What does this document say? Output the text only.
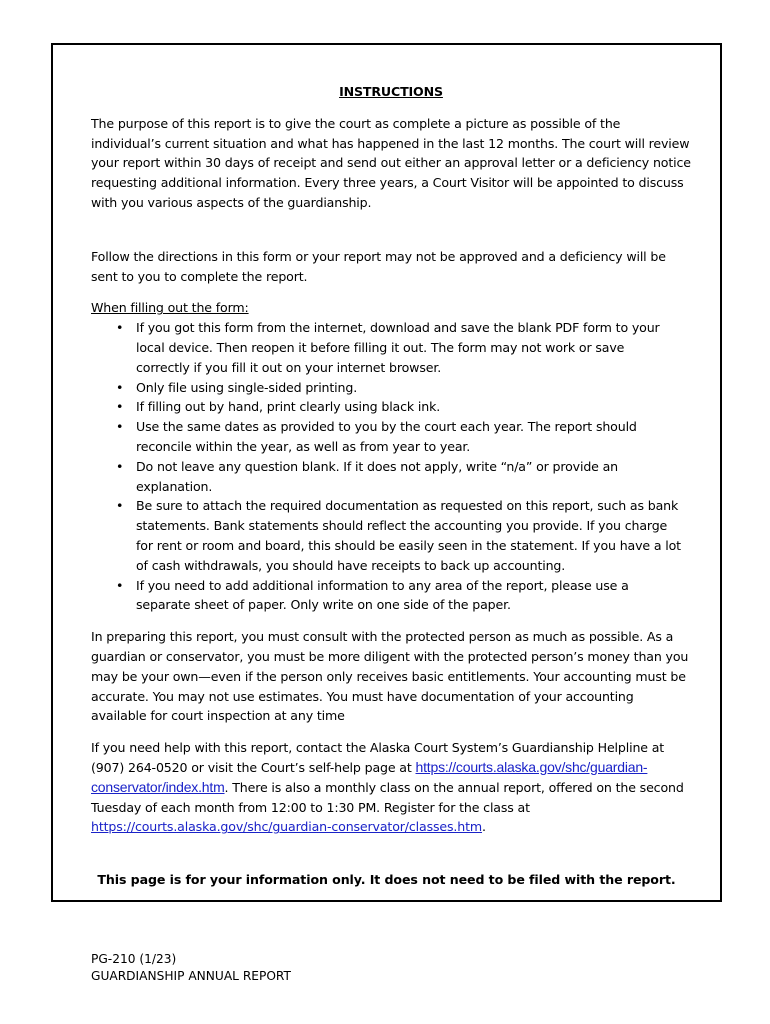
INSTRUCTIONS

The purpose of this report is to give the court as complete a picture as possible of the individual’s current situation and what has happened in the last 12 months. The court will review your report within 30 days of receipt and send out either an approval letter or a deficiency notice requesting additional information. Every three years, a Court Visitor will be appointed to discuss with you various aspects of the guardianship.

Follow the directions in this form or your report may not be approved and a deficiency will be sent to you to complete the report.

When filling out the form:

• If you got this form from the internet, download and save the blank PDF form to your local device. Then reopen it before filling it out. The form may not work or save correctly if you fill it out on your internet browser.
• Only file using single-sided printing.
• If filling out by hand, print clearly using black ink.
• Use the same dates as provided to you by the court each year. The report should reconcile within the year, as well as from year to year.
• Do not leave any question blank. If it does not apply, write “n/a” or provide an explanation.
• Be sure to attach the required documentation as requested on this report, such as bank statements. Bank statements should reflect the accounting you provide. If you charge for rent or room and board, this should be easily seen in the statement. If you have a lot of cash withdrawals, you should have receipts to back up accounting.
• If you need to add additional information to any area of the report, please use a separate sheet of paper. Only write on one side of the paper.

In preparing this report, you must consult with the protected person as much as possible. As a guardian or conservator, you must be more diligent with the protected person’s money than you may be your own—even if the person only receives basic entitlements. Your accounting must be accurate. You may not use estimates. You must have documentation of your accounting available for court inspection at any time

If you need help with this report, contact the Alaska Court System’s Guardianship Helpline at (907) 264-0520 or visit the Court’s self-help page at https://courts.alaska.gov/shc/guardian-conservator/index.htm. There is also a monthly class on the annual report, offered on the second Tuesday of each month from 12:00 to 1:30 PM. Register for the class at https://courts.alaska.gov/shc/guardian-conservator/classes.htm.

This page is for your information only. It does not need to be filed with the report.
PG-210 (1/23)
GUARDIANSHIP ANNUAL REPORT
